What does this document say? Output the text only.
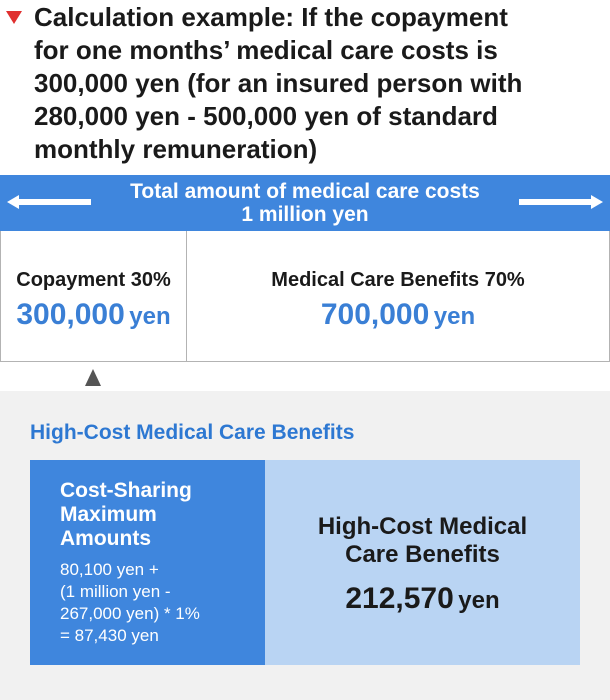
Calculation example: If the copayment
for one months’ medical care costs is
300,000 yen (for an insured person with
280,000 yen - 500,000 yen of standard
monthly remuneration)
Total amount of medical care costs
1 million yen
Copayment 30%
300,000 yen
Medical Care Benefits 70%
700,000 yen
High-Cost Medical Care Benefits
Cost-Sharing
Maximum
Amounts
80,100 yen +
(1 million yen -
267,000 yen) * 1%
= 87,430 yen
High-Cost Medical
Care Benefits
212,570 yen
